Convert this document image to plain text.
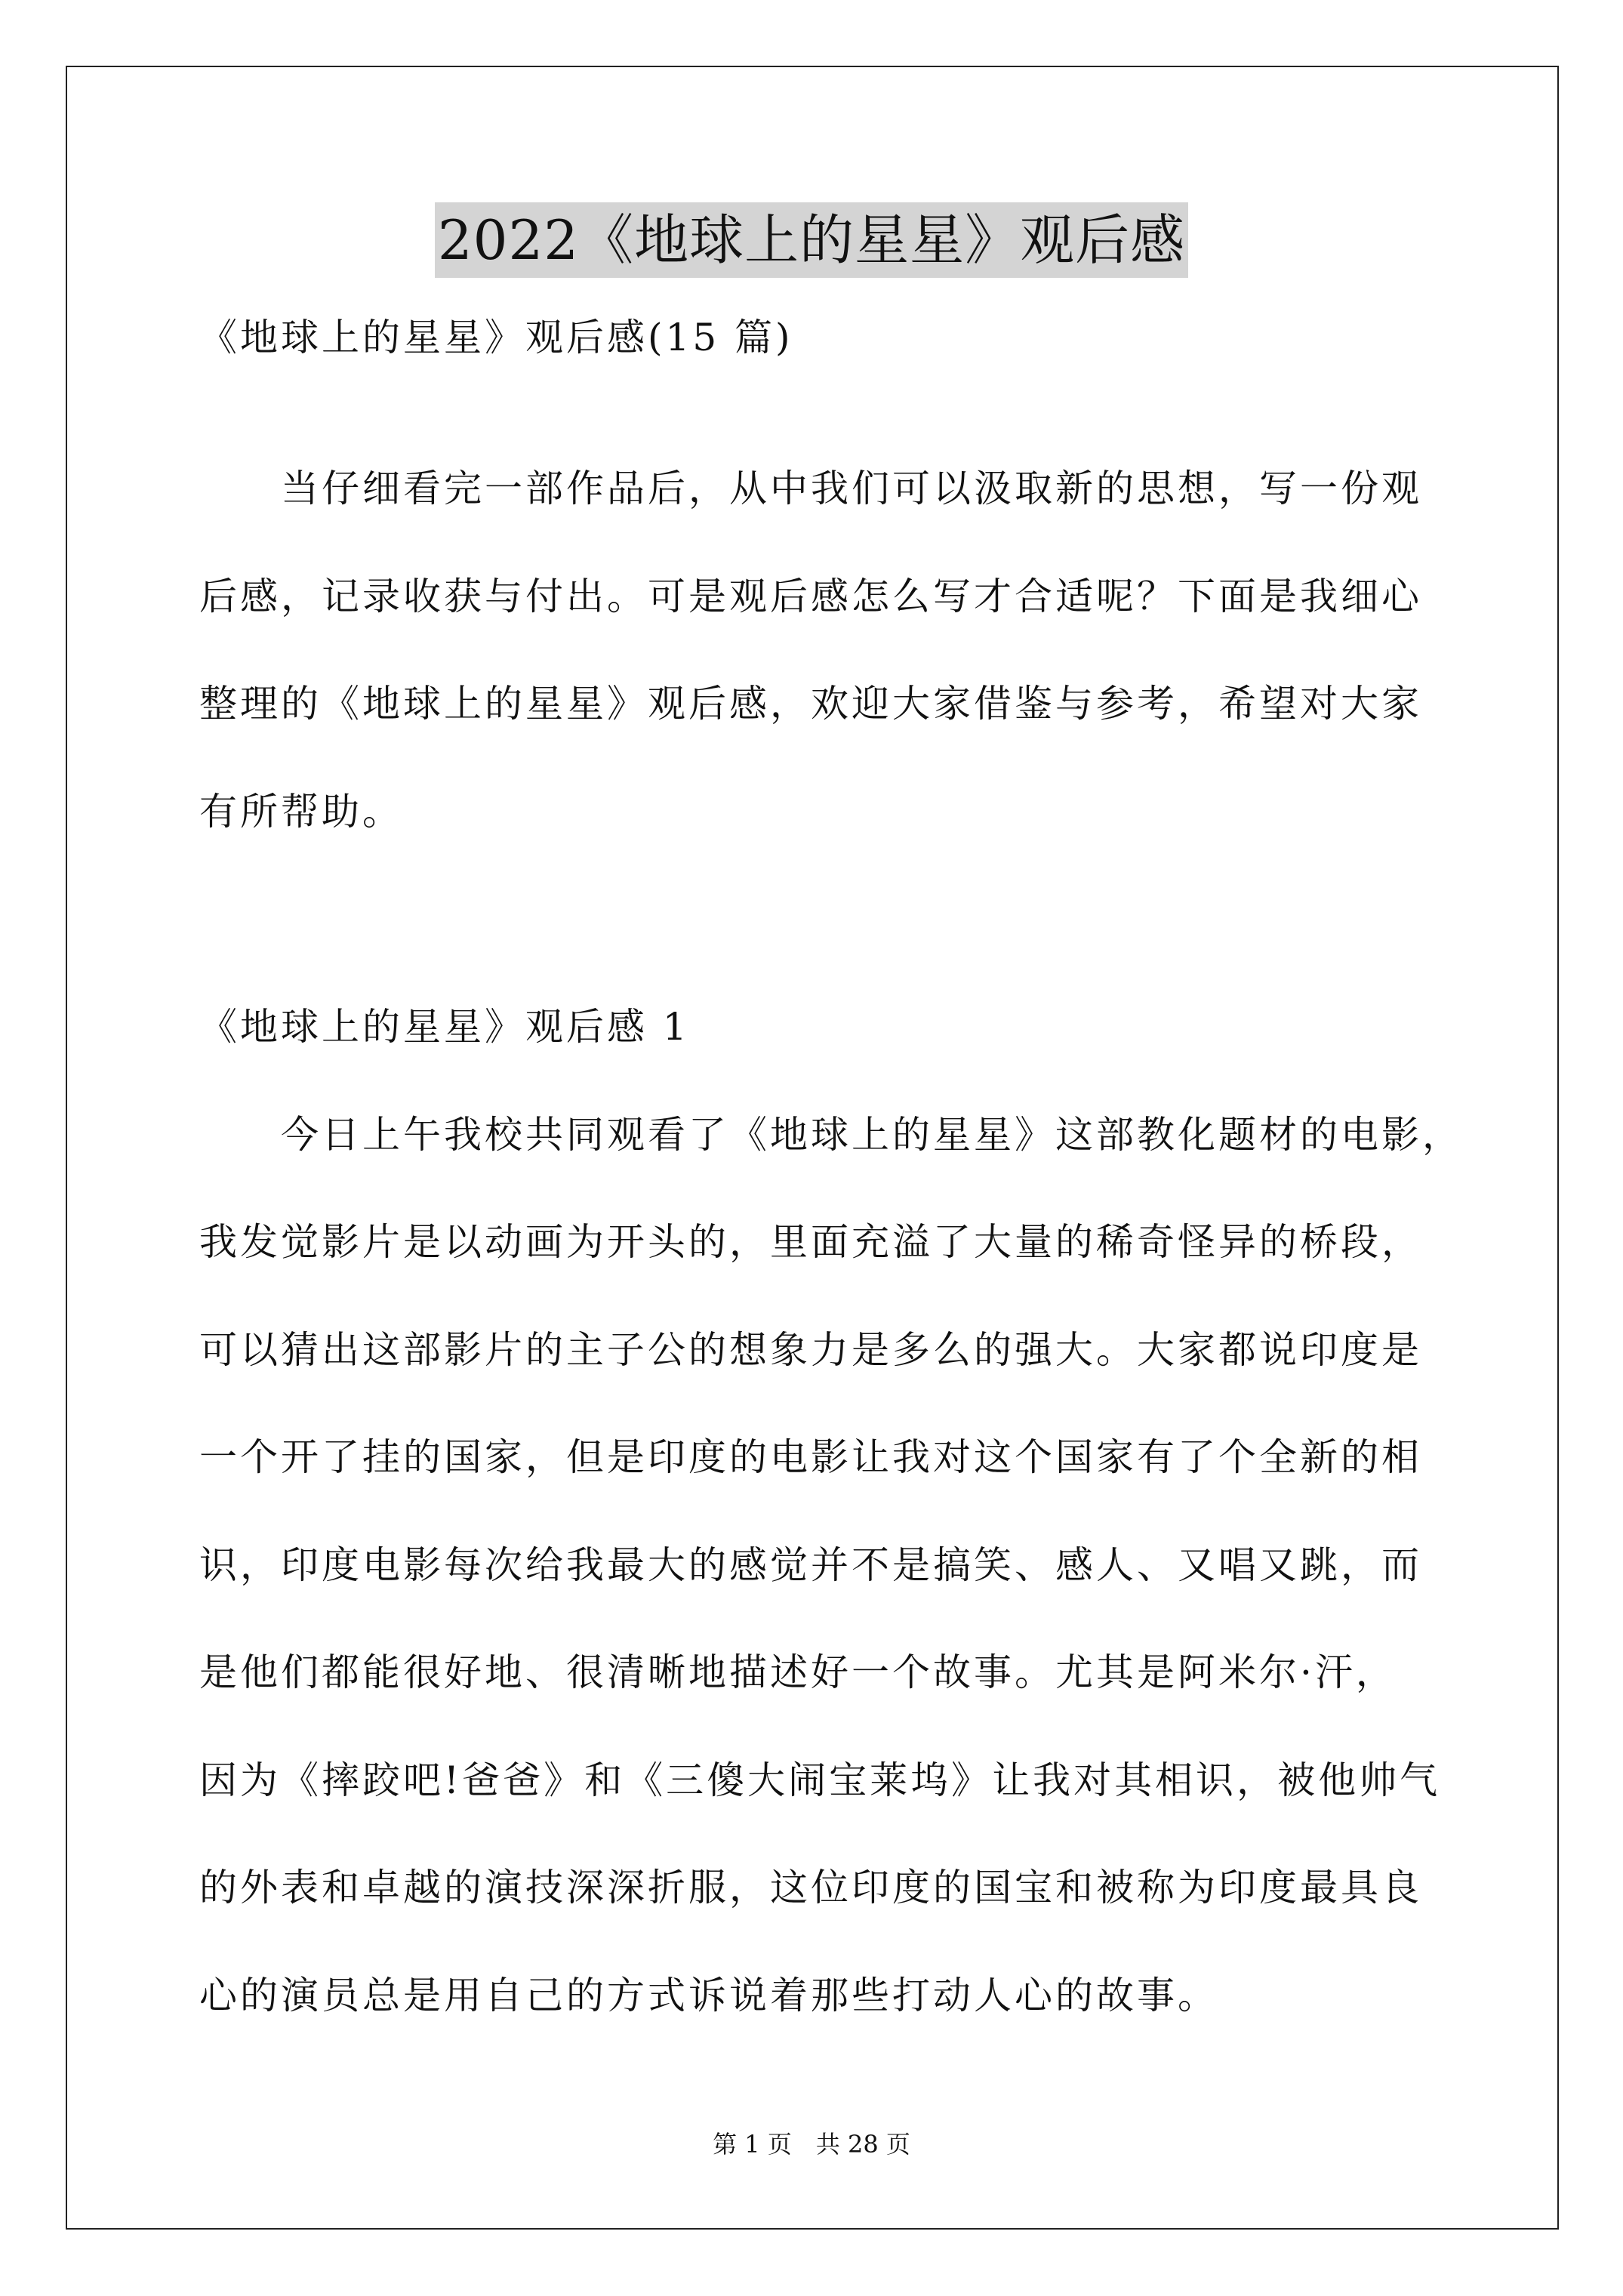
2022《地球上的星星》观后感
《地球上的星星》观后感(15 篇)
　　当仔细看完一部作品后，从中我们可以汲取新的思想，写一份观
后感，记录收获与付出。可是观后感怎么写才合适呢？下面是我细心
整理的《地球上的星星》观后感，欢迎大家借鉴与参考，希望对大家
有所帮助。
《地球上的星星》观后感 1
　　今日上午我校共同观看了《地球上的星星》这部教化题材的电影，
我发觉影片是以动画为开头的，里面充溢了大量的稀奇怪异的桥段，
可以猜出这部影片的主子公的想象力是多么的强大。大家都说印度是
一个开了挂的国家，但是印度的电影让我对这个国家有了个全新的相
识，印度电影每次给我最大的感觉并不是搞笑、感人、又唱又跳，而
是他们都能很好地、很清晰地描述好一个故事。尤其是阿米尔·汗，
因为《摔跤吧!爸爸》和《三傻大闹宝莱坞》让我对其相识，被他帅气
的外表和卓越的演技深深折服，这位印度的国宝和被称为印度最具良
心的演员总是用自己的方式诉说着那些打动人心的故事。
第 1 页　共 28 页
